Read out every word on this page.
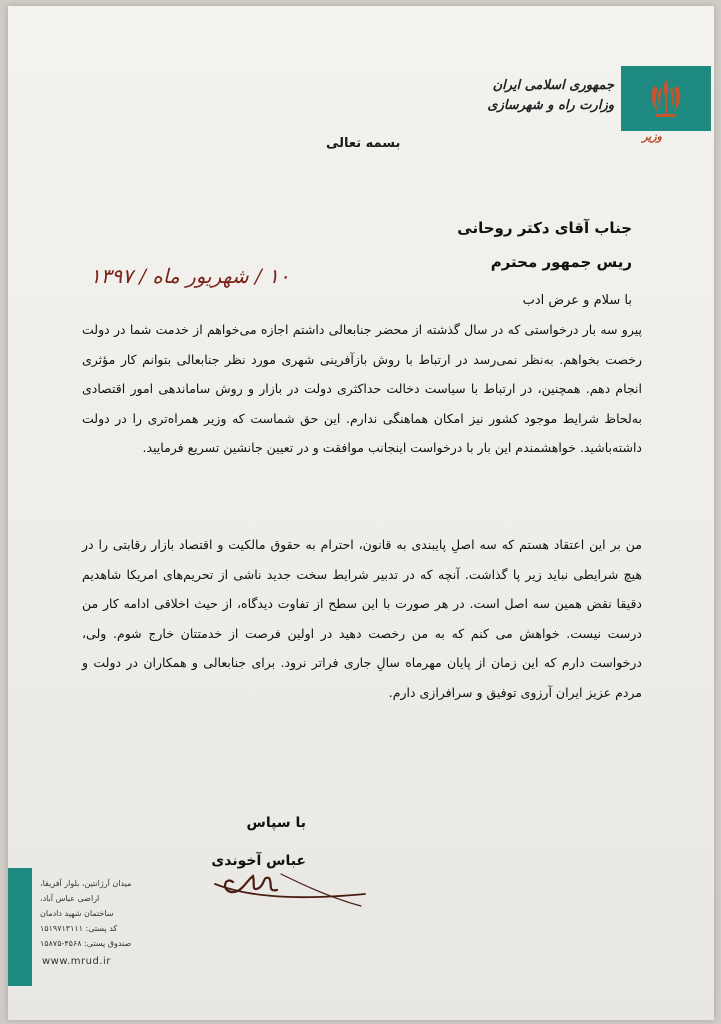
جمهوری اسلامی ایران
وزارت راه و شهرسازی
وزیر
بسمه تعالی
جناب آقای دکتر روحانی
ریس جمهور محترم
۱۰ / شهریور ماه / ۱۳۹۷
با سلام و عرض ادب
پیرو سه بار درخواستی که در سال گذشته از محضر جنابعالی داشتم اجازه می‌خواهم از خدمت شما در دولت رخصت بخواهم. به‌نظر نمی‌رسد در ارتباط با روش بازآفرینی شهری مورد نظر جنابعالی بتوانم کار مؤثری انجام دهم. همچنین، در ارتباط با سیاست دخالت حداکثری دولت در بازار و روش ساماندهی امور اقتصادی به‌لحاظ شرایط موجود کشور نیز امکان هماهنگی ندارم. این حق شماست که وزیر همراه‌تری را در دولت داشته‌باشید. خواهشمندم این بار با درخواست اینجانب موافقت و در تعیین جانشین تسریع فرمایید.
من بر این اعتقاد هستم که سه اصلِ پایبندی به قانون، احترام به حقوق مالکیت و اقتصاد بازار رقابتی را در هیچ شرایطی نباید زیر پا گذاشت. آنچه که در تدبیر شرایط سخت جدید ناشی از تحریم‌های امریکا شاهدیم دقیقا نقض همین سه اصل است. در هر صورت با این سطح از تفاوت دیدگاه، از حیث اخلاقی ادامه کار من درست نیست. خواهش می کنم که به من رخصت دهید در اولین فرصت از خدمتتان خارج شوم. ولی، درخواست دارم که این زمان از پایان مهرماه سالِ جاری فراتر نرود. برای جنابعالی و همکاران در دولت و مردم عزیز ایران آرزوی توفیق و سرافرازی دارم.
با سپاس
عباس آخوندی
میدان آرژانتین، بلوار آفریقا،
اراضی عباس آباد،
ساختمان شهید دادمان
کد پستی: ۱۵۱۹۷۱۳۱۱۱
صندوق پستی: ۴۵۶۸-۱۵۸۷۵
www.mrud.ir
